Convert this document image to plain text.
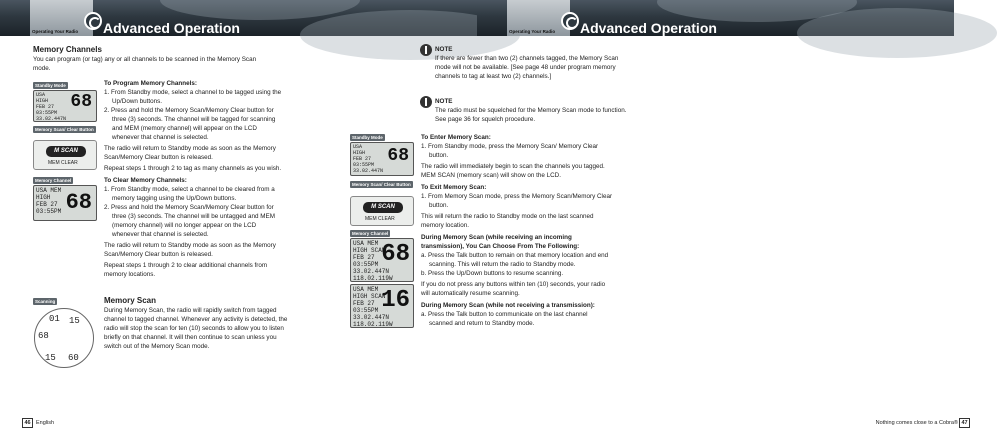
Operating Your Radio Advanced Operation
Memory Channels

You can program (or tag) any or all channels to be scanned in the Memory Scan mode.

Standby Mode
USA
HIGH
FEB 27
03:55PM
33.02.447N
68
Memory Scan/ Clear Button
M SCAN
MEM CLEAR
Memory Channel
USA MEM
HIGH
FEB 27
03:55PM 68
Scanning
01 15
68
15 60

To Program Memory Channels:

1. From Standby mode, select a channel to be tagged using the Up/Down buttons.
2. Press and hold the Memory Scan/Memory Clear button for three (3) seconds. The channel will be tagged for scanning and MEM (memory channel) will appear on the LCD whenever that channel is selected.

The radio will return to Standby mode as soon as the Memory Scan/Memory Clear button is released.

Repeat steps 1 through 2 to tag as many channels as you wish.

To Clear Memory Channels:

1. From Standby mode, select a channel to be cleared from a memory tagging using the Up/Down buttons.
2. Press and hold the Memory Scan/Memory Clear button for three (3) seconds. The channel will be untagged and MEM (memory channel) will no longer appear on the LCD whenever that channel is selected.

The radio will return to Standby mode as soon as the Memory Scan/Memory Clear button is released.

Repeat steps 1 through 2 to clear additional channels from memory locations.

Memory Scan

During Memory Scan, the radio will rapidly switch from tagged channel to tagged channel. Whenever any activity is detected, the radio will stop the scan for ten (10) seconds to allow you to listen briefly on that channel. It will then continue to scan unless you switch out of the Memory Scan mode.

46 English
Operating Your Radio Advanced Operation

NOTE

If there are fewer than two (2) channels tagged, the Memory Scan mode will not be available. [See page 48 under program memory channels to tag at least two (2) channels.]

NOTE

The radio must be squelched for the Memory Scan mode to function. See page 36 for squelch procedure.

Standby Mode
USA
HIGH
FEB 27
03:55PM
33.02.447N
68
Memory Scan/ Clear Button
M SCAN
MEM CLEAR
Memory Channel
USA MEM
HIGH SCAN
FEB 27
03:55PM
33.02.447N
118.02.119W
68
USA MEM
HIGH SCAN
FEB 27
03:55PM
33.02.447N
118.02.119W
16

To Enter Memory Scan:

1. From Standby mode, press the Memory Scan/ Memory Clear button.

The radio will immediately begin to scan the channels you tagged. MEM SCAN (memory scan) will show on the LCD.

To Exit Memory Scan:

1. From Memory Scan mode, press the Memory Scan/Memory Clear button.

This will return the radio to Standby mode on the last scanned memory location.

During Memory Scan (while receiving an incoming transmission), You Can Choose From The Following:

a. Press the Talk button to remain on that memory location and end scanning. This will return the radio to Standby mode.

b. Press the Up/Down buttons to resume scanning.

If you do not press any buttons within ten (10) seconds, your radio will automatically resume scanning.

During Memory Scan (while not receiving a transmission):

a. Press the Talk button to communicate on the last channel scanned and return to Standby mode.

Nothing comes close to a Cobra® 47
